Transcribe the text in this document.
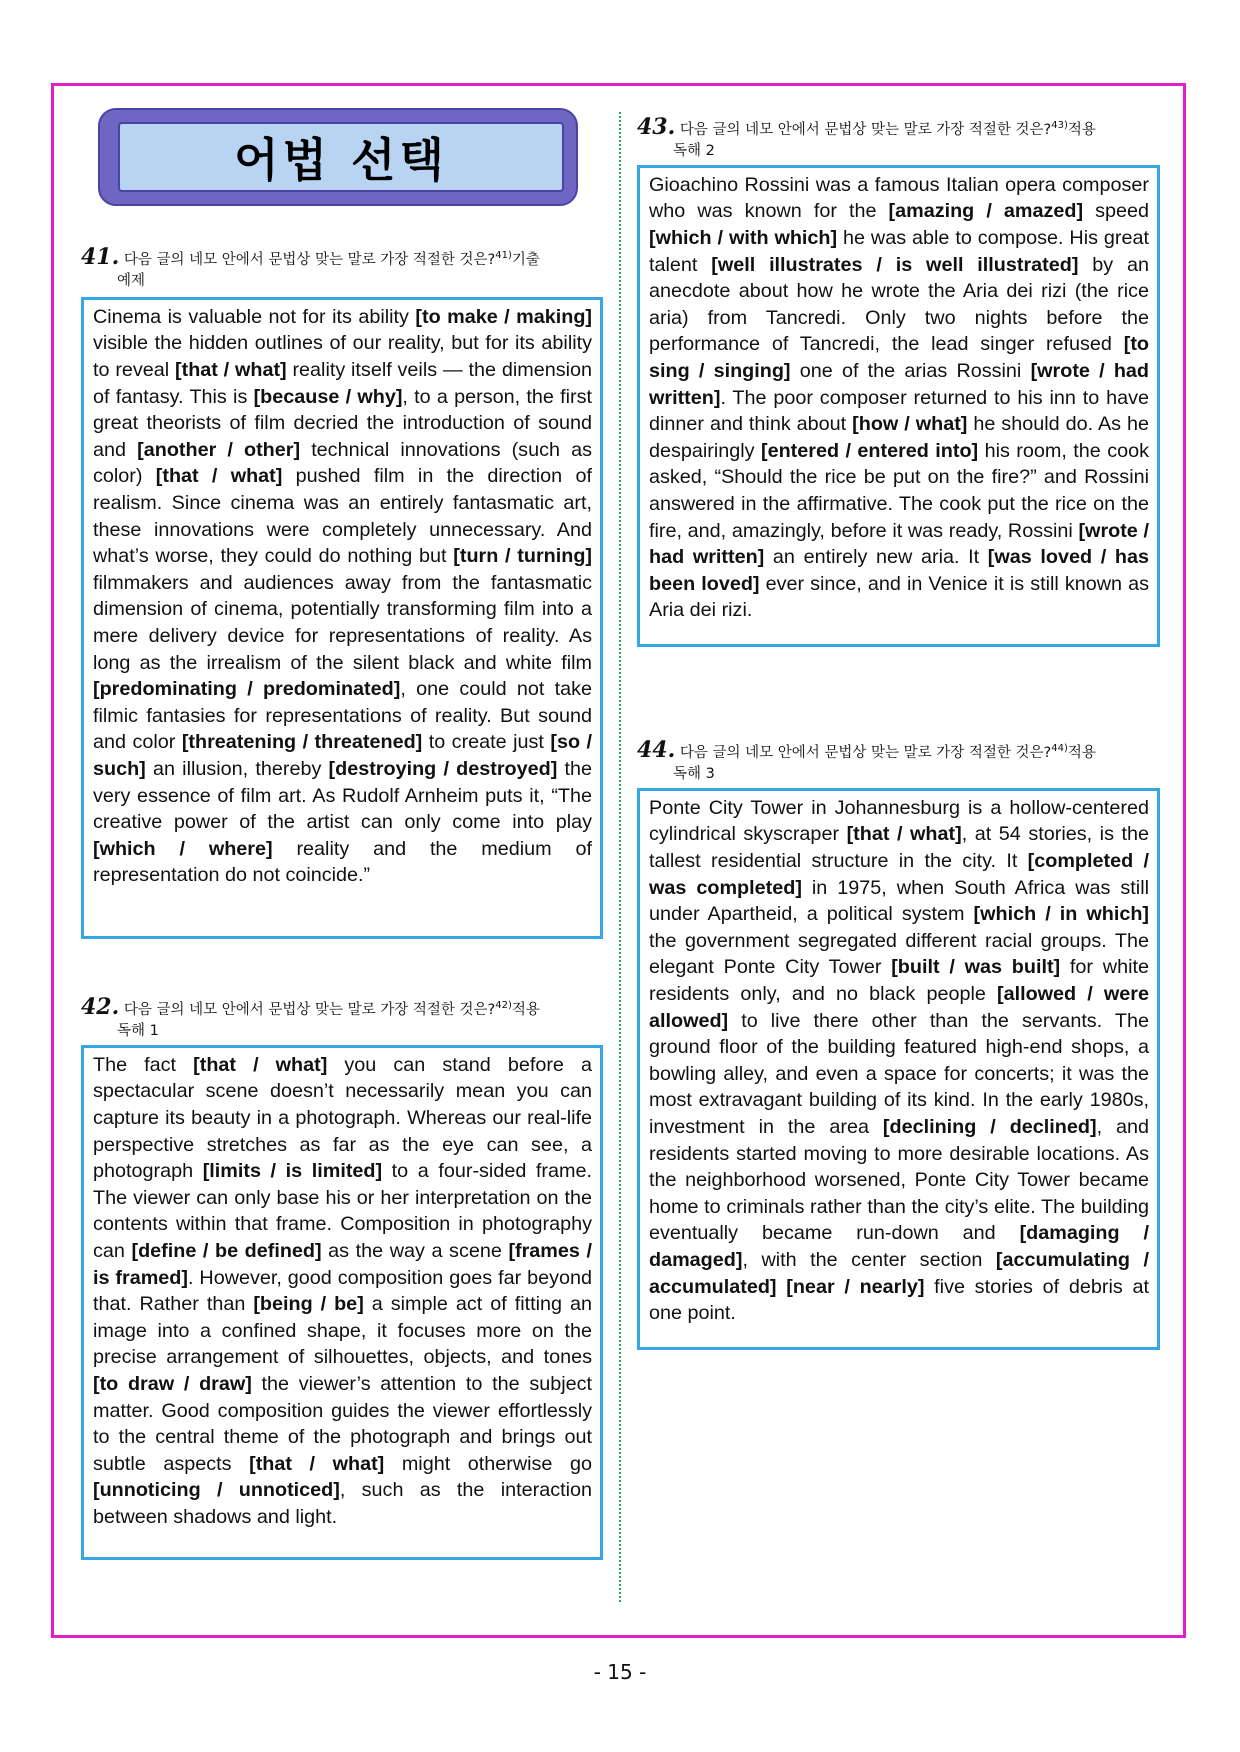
어법 선택
41. 다음 글의 네모 안에서 문법상 맞는 말로 가장 적절한 것은?$^{41)}$기출
예제
Cinema is valuable not for its ability [to make / making] visible the hidden outlines of our reality, but for its ability to reveal [that / what] reality itself veils — the dimension of fantasy. This is [because / why], to a person, the first great theorists of film decried the introduction of sound and [another / other] technical innovations (such as color) [that / what] pushed film in the direction of realism. Since cinema was an entirely fantasmatic art, these innovations were completely unnecessary. And what’s worse, they could do nothing but [turn / turning] filmmakers and audiences away from the fantasmatic dimension of cinema, potentially transforming film into a mere delivery device for representations of reality. As long as the irrealism of the silent black and white film [predominating / predominated], one could not take filmic fantasies for representations of reality. But sound and color [threatening / threatened] to create just [so / such] an illusion, thereby [destroying / destroyed] the very essence of film art. As Rudolf Arnheim puts it, “The creative power of the artist can only come into play [which / where] reality and the medium of representation do not coincide.”
42. 다음 글의 네모 안에서 문법상 맞는 말로 가장 적절한 것은?$^{42)}$적용
독해 1
The fact [that / what] you can stand before a spectacular scene doesn’t necessarily mean you can capture its beauty in a photograph. Whereas our real-life perspective stretches as far as the eye can see, a photograph [limits / is limited] to a four-sided frame. The viewer can only base his or her interpretation on the contents within that frame. Composition in photography can [define / be defined] as the way a scene [frames / is framed]. However, good composition goes far beyond that. Rather than [being / be] a simple act of fitting an image into a confined shape, it focuses more on the precise arrangement of silhouettes, objects, and tones [to draw / draw] the viewer’s attention to the subject matter. Good composition guides the viewer effortlessly to the central theme of the photograph and brings out subtle aspects [that / what] might otherwise go [unnoticing / unnoticed], such as the interaction between shadows and light.
43. 다음 글의 네모 안에서 문법상 맞는 말로 가장 적절한 것은?$^{43)}$적용
독해 2
Gioachino Rossini was a famous Italian opera composer who was known for the [amazing / amazed] speed [which / with which] he was able to compose. His great talent [well illustrates / is well illustrated] by an anecdote about how he wrote the Aria dei rizi (the rice aria) from Tancredi. Only two nights before the performance of Tancredi, the lead singer refused [to sing / singing] one of the arias Rossini [wrote / had written]. The poor composer returned to his inn to have dinner and think about [how / what] he should do. As he despairingly [entered / entered into] his room, the cook asked, “Should the rice be put on the fire?” and Rossini answered in the affirmative. The cook put the rice on the fire, and, amazingly, before it was ready, Rossini [wrote / had written] an entirely new aria. It [was loved / has been loved] ever since, and in Venice it is still known as Aria dei rizi.
44. 다음 글의 네모 안에서 문법상 맞는 말로 가장 적절한 것은?$^{44)}$적용
독해 3
Ponte City Tower in Johannesburg is a hollow-centered cylindrical skyscraper [that / what], at 54 stories, is the tallest residential structure in the city. It [completed / was completed] in 1975, when South Africa was still under Apartheid, a political system [which / in which] the government segregated different racial groups. The elegant Ponte City Tower [built / was built] for white residents only, and no black people [allowed / were allowed] to live there other than the servants. The ground floor of the building featured high-end shops, a bowling alley, and even a space for concerts; it was the most extravagant building of its kind. In the early 1980s, investment in the area [declining / declined], and residents started moving to more desirable locations. As the neighborhood worsened, Ponte City Tower became home to criminals rather than the city’s elite. The building eventually became run-down and [damaging / damaged], with the center section [accumulating / accumulated] [near / nearly] five stories of debris at one point.
- 15 -
